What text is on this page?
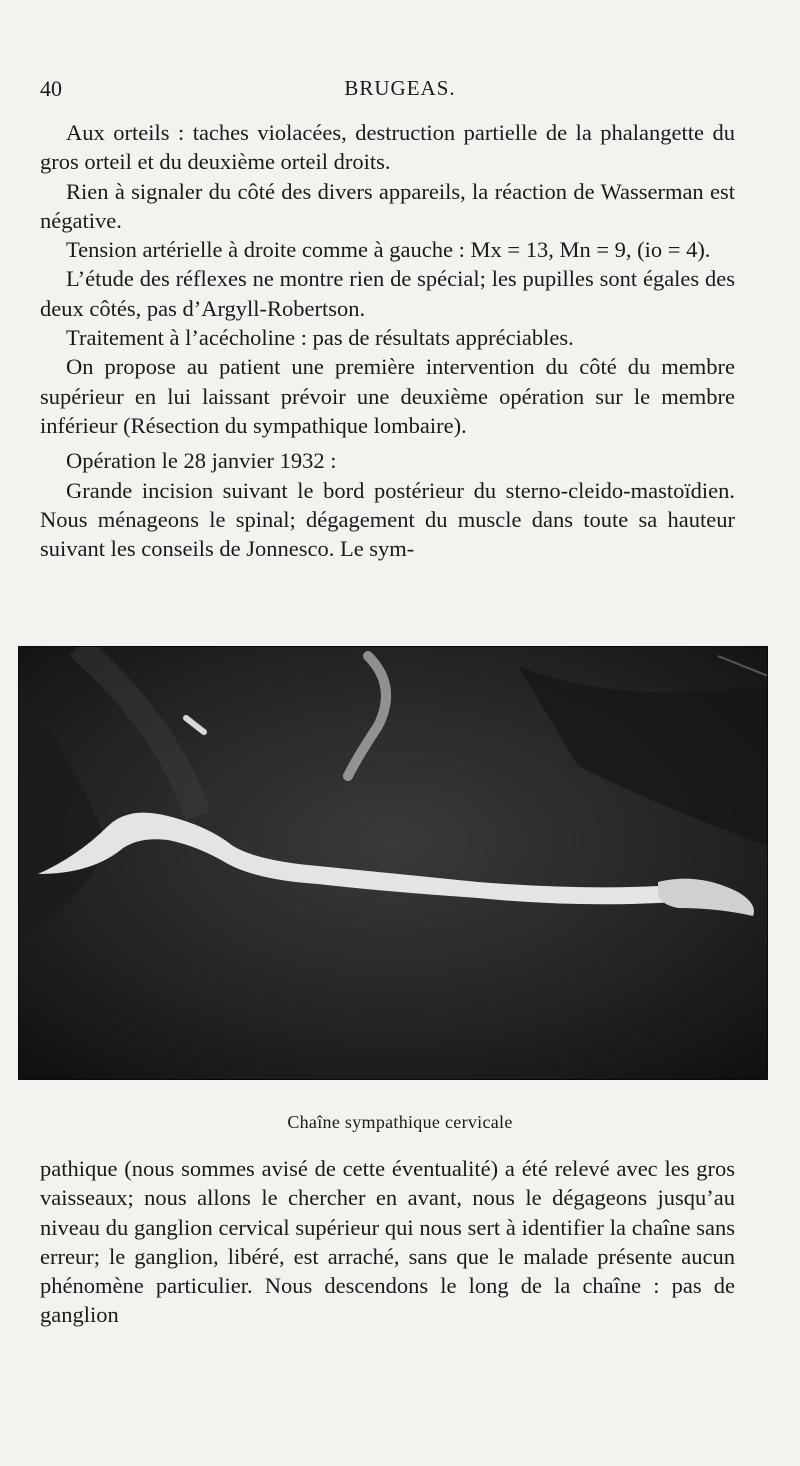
40	BRUGEAS.

Aux orteils : taches violacées, destruction partielle de la phalangette du gros orteil et du deuxième orteil droits.

Rien à signaler du côté des divers appareils, la réaction de Wasserman est négative.

Tension artérielle à droite comme à gauche : Mx = 13, Mn = 9, (io = 4).

L’étude des réflexes ne montre rien de spécial; les pupilles sont égales des deux côtés, pas d’Argyll-Robertson.

Traitement à l’acécholine : pas de résultats appréciables.

On propose au patient une première intervention du côté du membre supérieur en lui laissant prévoir une deuxième opération sur le membre inférieur (Résection du sympathique lombaire).

Opération le 28 janvier 1932 :

Grande incision suivant le bord postérieur du sterno-cleido-mastoïdien. Nous ménageons le spinal; dégagement du muscle dans toute sa hauteur suivant les conseils de Jonnesco. Le sym-

Chaîne sympathique cervicale

pathique (nous sommes avisé de cette éventualité) a été relevé avec les gros vaisseaux; nous allons le chercher en avant, nous le dégageons jusqu’au niveau du ganglion cervical supérieur qui nous sert à identifier la chaîne sans erreur; le ganglion, libéré, est arraché, sans que le malade présente aucun phénomène particulier. Nous descendons le long de la chaîne : pas de ganglion
